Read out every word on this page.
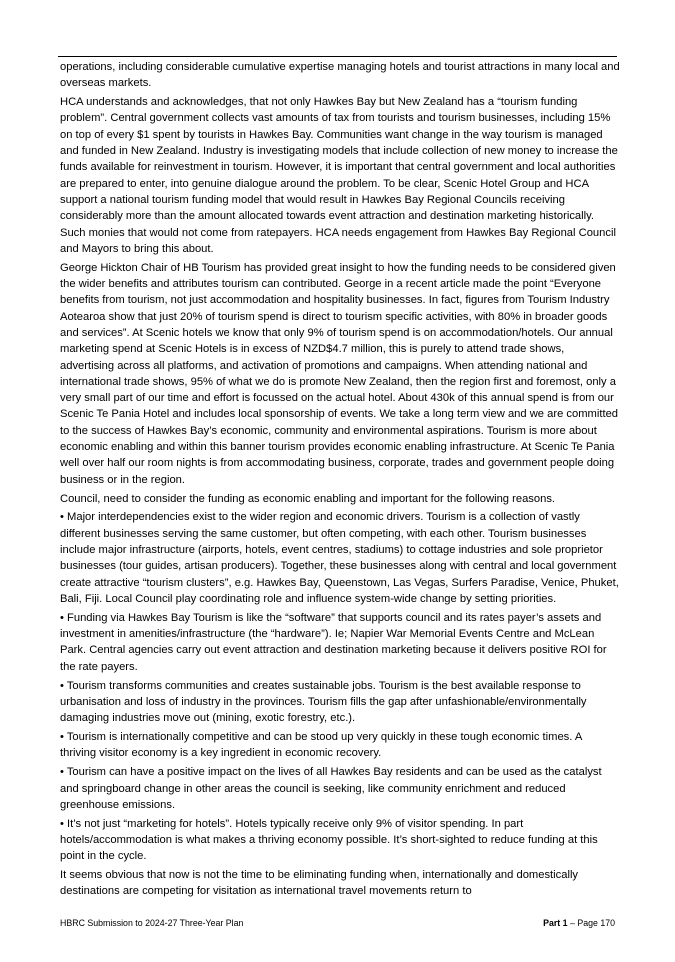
operations, including considerable cumulative expertise managing hotels and tourist attractions in many local and overseas markets.

HCA understands and acknowledges, that not only Hawkes Bay but New Zealand has a “tourism funding problem”. Central government collects vast amounts of tax from tourists and tourism businesses, including 15% on top of every $1 spent by tourists in Hawkes Bay. Communities want change in the way tourism is managed and funded in New Zealand. Industry is investigating models that include collection of new money to increase the funds available for reinvestment in tourism. However, it is important that central government and local authorities are prepared to enter, into genuine dialogue around the problem. To be clear, Scenic Hotel Group and HCA support a national tourism funding model that would result in Hawkes Bay Regional Councils receiving considerably more than the amount allocated towards event attraction and destination marketing historically. Such monies that would not come from ratepayers. HCA needs engagement from Hawkes Bay Regional Council and Mayors to bring this about.

George Hickton Chair of HB Tourism has provided great insight to how the funding needs to be considered given the wider benefits and attributes tourism can contributed. George in a recent article made the point “Everyone benefits from tourism, not just accommodation and hospitality businesses. In fact, figures from Tourism Industry Aotearoa show that just 20% of tourism spend is direct to tourism specific activities, with 80% in broader goods and services”. At Scenic hotels we know that only 9% of tourism spend is on accommodation/hotels. Our annual marketing spend at Scenic Hotels is in excess of NZD$4.7 million, this is purely to attend trade shows, advertising across all platforms, and activation of promotions and campaigns. When attending national and international trade shows, 95% of what we do is promote New Zealand, then the region first and foremost, only a very small part of our time and effort is focussed on the actual hotel. About 430k of this annual spend is from our Scenic Te Pania Hotel and includes local sponsorship of events. We take a long term view and we are committed to the success of Hawkes Bay’s economic, community and environmental aspirations. Tourism is more about economic enabling and within this banner tourism provides economic enabling infrastructure. At Scenic Te Pania well over half our room nights is from accommodating business, corporate, trades and government people doing business or in the region.

Council, need to consider the funding as economic enabling and important for the following reasons.

• Major interdependencies exist to the wider region and economic drivers. Tourism is a collection of vastly different businesses serving the same customer, but often competing, with each other. Tourism businesses include major infrastructure (airports, hotels, event centres, stadiums) to cottage industries and sole proprietor businesses (tour guides, artisan producers). Together, these businesses along with central and local government create attractive “tourism clusters”, e.g. Hawkes Bay, Queenstown, Las Vegas, Surfers Paradise, Venice, Phuket, Bali, Fiji. Local Council play coordinating role and influence system-wide change by setting priorities.

• Funding via Hawkes Bay Tourism is like the “software” that supports council and its rates payer’s assets and investment in amenities/infrastructure (the “hardware”). Ie; Napier War Memorial Events Centre and McLean Park. Central agencies carry out event attraction and destination marketing because it delivers positive ROI for the rate payers.

• Tourism transforms communities and creates sustainable jobs. Tourism is the best available response to urbanisation and loss of industry in the provinces. Tourism fills the gap after unfashionable/environmentally damaging industries move out (mining, exotic forestry, etc.).

• Tourism is internationally competitive and can be stood up very quickly in these tough economic times. A thriving visitor economy is a key ingredient in economic recovery.

• Tourism can have a positive impact on the lives of all Hawkes Bay residents and can be used as the catalyst and springboard change in other areas the council is seeking, like community enrichment and reduced greenhouse emissions.

• It’s not just “marketing for hotels”. Hotels typically receive only 9% of visitor spending. In part hotels/accommodation is what makes a thriving economy possible. It’s short-sighted to reduce funding at this point in the cycle.

It seems obvious that now is not the time to be eliminating funding when, internationally and domestically destinations are competing for visitation as international travel movements return to

HBRC Submission to 2024-27 Three-Year Plan	Part 1 – Page 170
